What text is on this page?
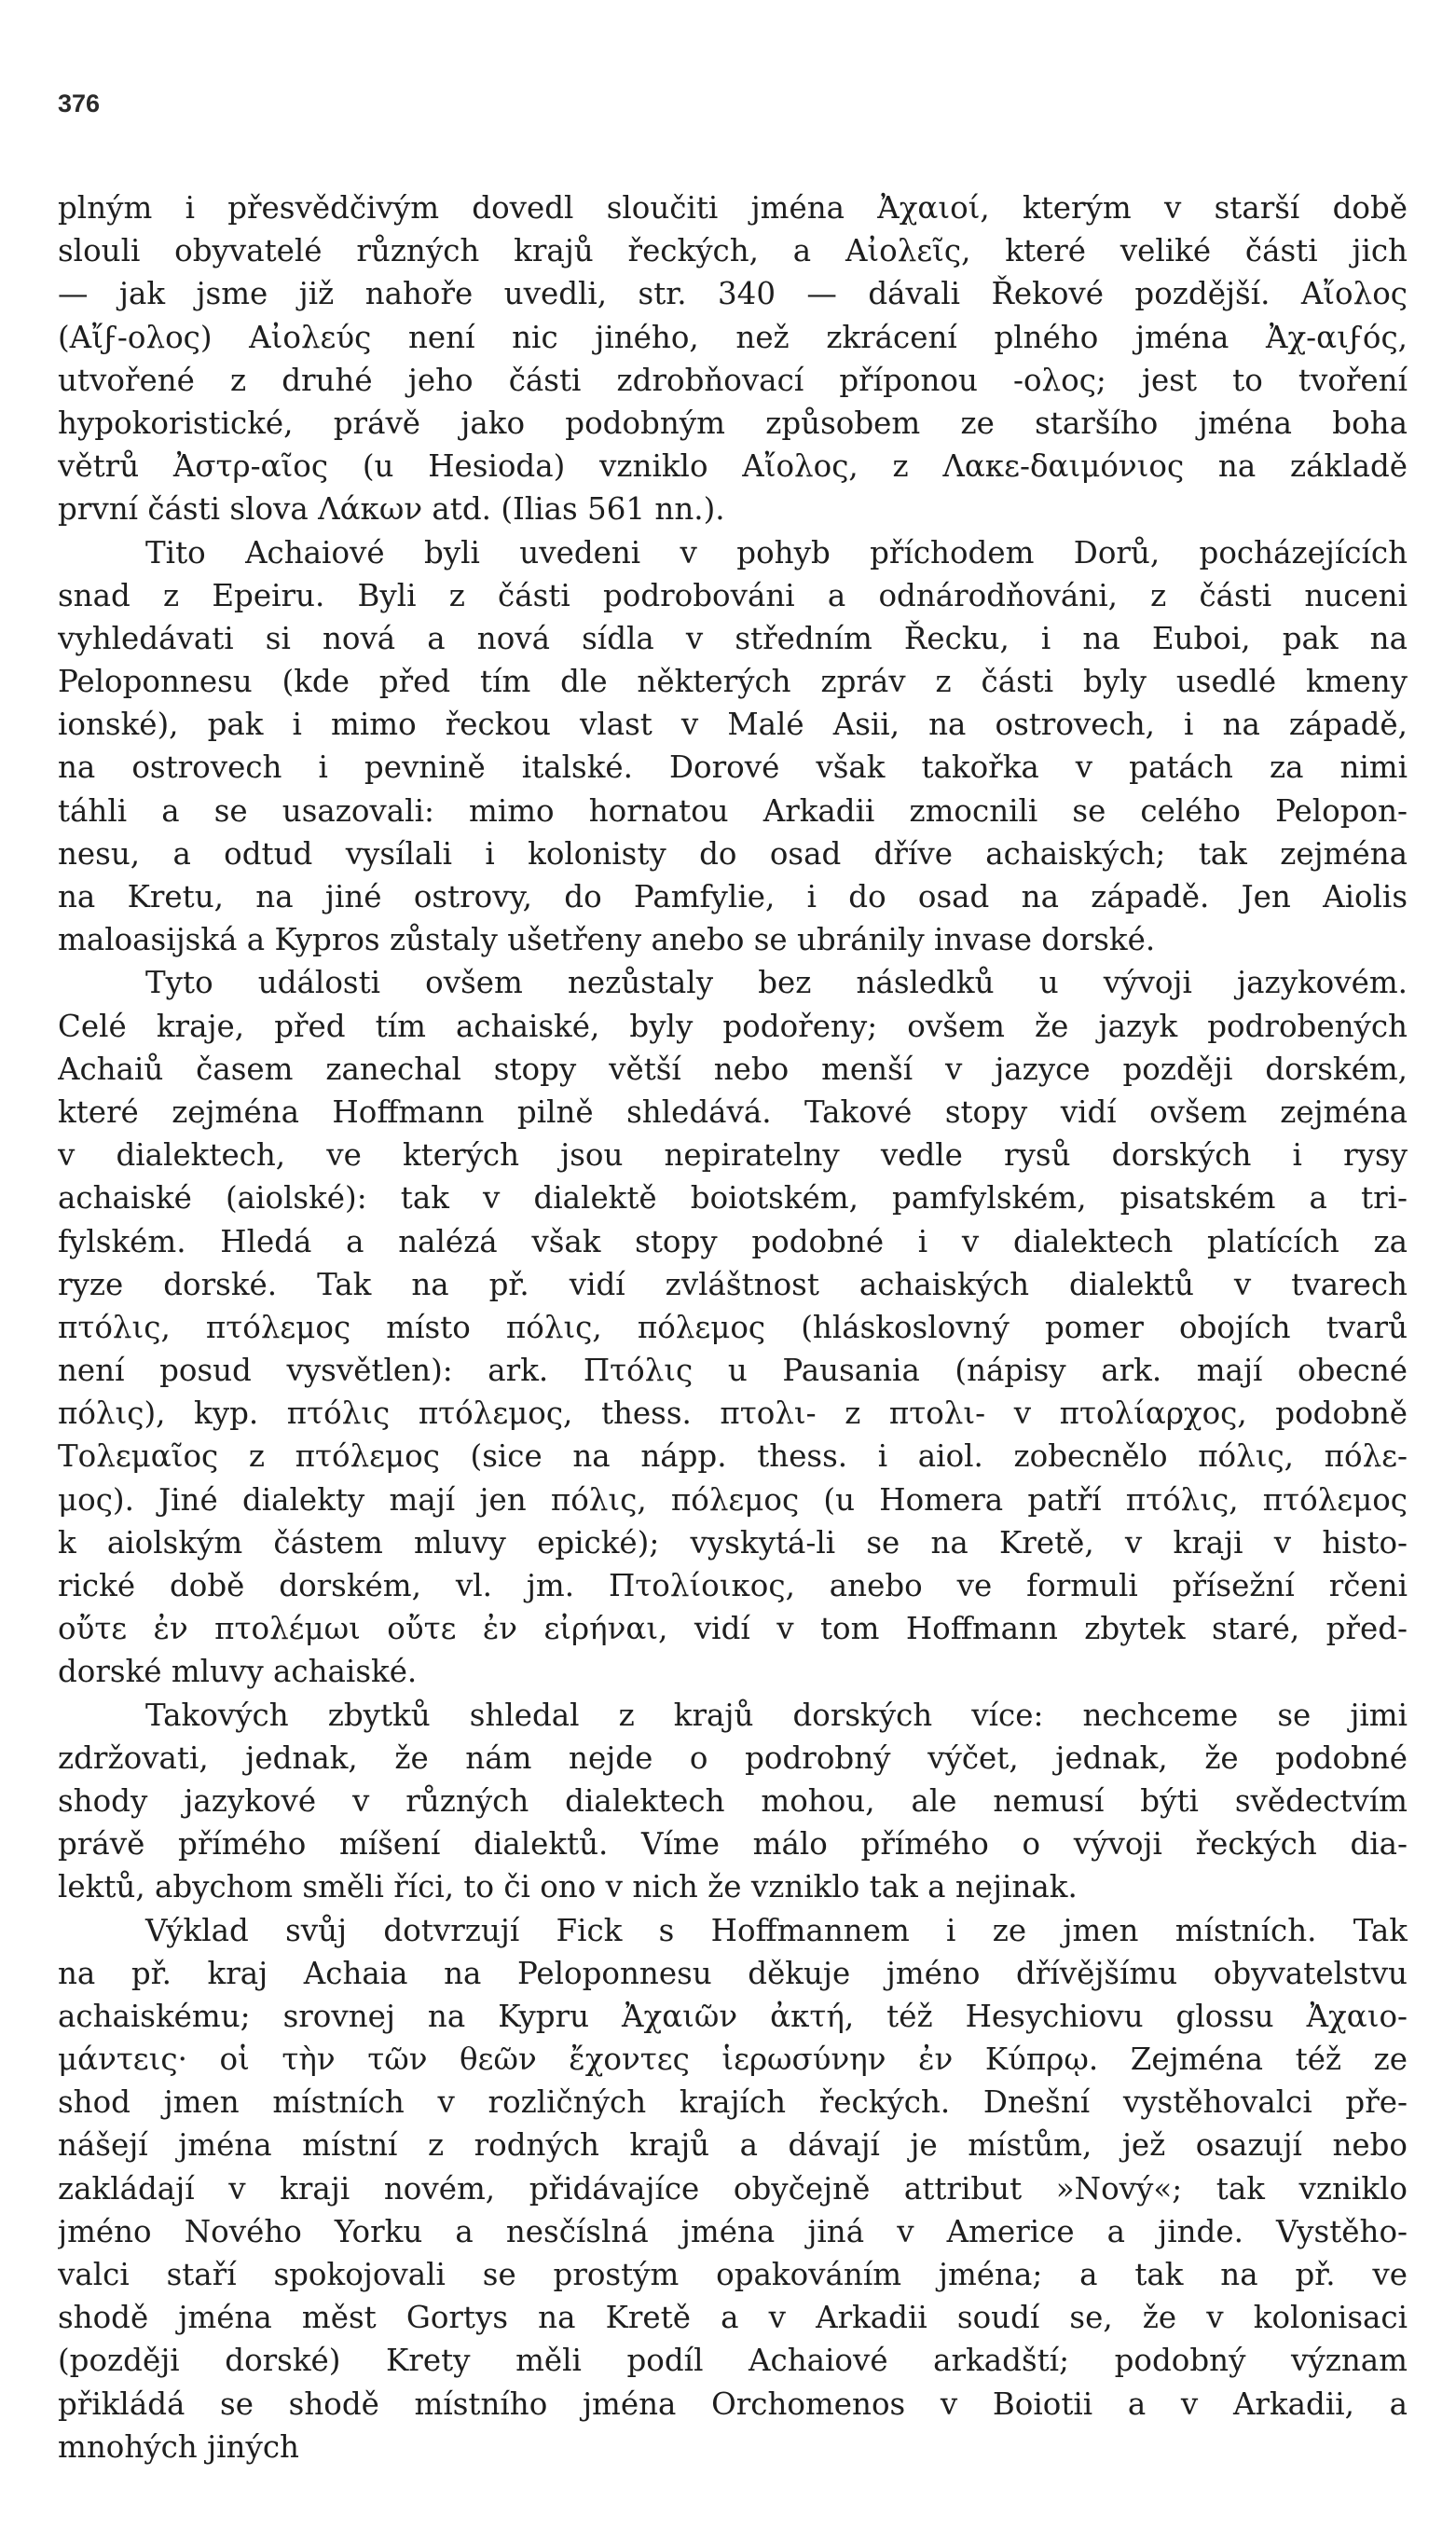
376
plným i přesvědčivým dovedl sloučiti jména Ἀχαιοί, kterým v starší době
slouli obyvatelé různých krajů řeckých, a Αἰολεῖς, které veliké části jich
— jak jsme již nahoře uvedli, str. 340 — dávali Řekové pozdější. Αἴολος
(Αἴϝ-ολος) Αἰολεύς není nic jiného, než zkrácení plného jména Ἀχ-αιϝός,
utvořené z druhé jeho části zdrobňovací příponou -ολος; jest to tvoření
hypokoristické, právě jako podobným způsobem ze staršího jména boha
větrů Ἀστρ-αῖος (u Hesioda) vzniklo Αἴολος, z Λακε-δαιμόνιος na základě
první části slova Λάκων atd. (Ilias 561 nn.).
Tito Achaiové byli uvedeni v pohyb příchodem Dorů, pocházejících
snad z Epeiru. Byli z části podrobováni a odnárodňováni, z části nuceni
vyhledávati si nová a nová sídla v středním Řecku, i na Euboi, pak na
Peloponnesu (kde před tím dle některých zpráv z části byly usedlé kmeny
ionské), pak i mimo řeckou vlast v Malé Asii, na ostrovech, i na západě,
na ostrovech i pevnině italské. Dorové však takořka v patách za nimi
táhli a se usazovali: mimo hornatou Arkadii zmocnili se celého Pelopon-
nesu, a odtud vysílali i kolonisty do osad dříve achaiských; tak zejména
na Kretu, na jiné ostrovy, do Pamfylie, i do osad na západě. Jen Aiolis
maloasijská a Kypros zůstaly ušetřeny anebo se ubránily invase dorské.
Tyto události ovšem nezůstaly bez následků u vývoji jazykovém.
Celé kraje, před tím achaiské, byly podořeny; ovšem že jazyk podrobených
Achaiů časem zanechal stopy větší nebo menší v jazyce později dorském,
které zejména Hoffmann pilně shledává. Takové stopy vidí ovšem zejména
v dialektech, ve kterých jsou nepiratelny vedle rysů dorských i rysy
achaiské (aiolské): tak v dialektě boiotském, pamfylském, pisatském a tri-
fylském. Hledá a nalézá však stopy podobné i v dialektech platících za
ryze dorské. Tak na př. vidí zvláštnost achaiských dialektů v tvarech
πτόλις, πτόλεμος místo πόλις, πόλεμος (hláskoslovný pomer obojích tvarů
není posud vysvětlen): ark. Πτόλις u Pausania (nápisy ark. mají obecné
πόλις), kyp. πτόλις πτόλεμος, thess. πτολι- z πτολι- v πτολίαρχος, podobně
Τολεμαῖος z πτόλεμος (sice na nápp. thess. i aiol. zobecnělo πόλις, πόλε-
μος). Jiné dialekty mají jen πόλις, πόλεμος (u Homera patří πτόλις, πτόλεμος
k aiolským částem mluvy epické); vyskytá-li se na Kretě, v kraji v histo-
rické době dorském, vl. jm. Πτολίοικος, anebo ve formuli přísežní rčeni
οὔτε ἐν πτολέμωι οὔτε ἐν εἰρήναι, vidí v tom Hoffmann zbytek staré, před-
dorské mluvy achaiské.
Takových zbytků shledal z krajů dorských více: nechceme se jimi
zdržovati, jednak, že nám nejde o podrobný výčet, jednak, že podobné
shody jazykové v různých dialektech mohou, ale nemusí býti svědectvím
právě přímého míšení dialektů. Víme málo přímého o vývoji řeckých dia-
lektů, abychom směli říci, to či ono v nich že vzniklo tak a nejinak.
Výklad svůj dotvrzují Fick s Hoffmannem i ze jmen místních. Tak
na př. kraj Achaia na Peloponnesu děkuje jméno dřívějšímu obyvatelstvu
achaiskému; srovnej na Kypru Ἀχαιῶν ἀκτή, též Hesychiovu glossu Ἀχαιο-
μάντεις· οἱ τὴν τῶν θεῶν ἔχοντες ἱερωσύνην ἐν Κύπρῳ. Zejména též ze
shod jmen místních v rozličných krajích řeckých. Dnešní vystěhovalci pře-
nášejí jména místní z rodných krajů a dávají je místům, jež osazují nebo
zakládají v kraji novém, přidávajíce obyčejně attribut »Nový«; tak vzniklo
jméno Nového Yorku a nesčíslná jména jiná v Americe a jinde. Vystěho-
valci staří spokojovali se prostým opakováním jména; a tak na př. ve
shodě jména měst Gortys na Kretě a v Arkadii soudí se, že v kolonisaci
(později dorské) Krety měli podíl Achaiové arkadští; podobný význam
přikládá se shodě místního jména Orchomenos v Boiotii a v Arkadii, a
mnohých jiných
